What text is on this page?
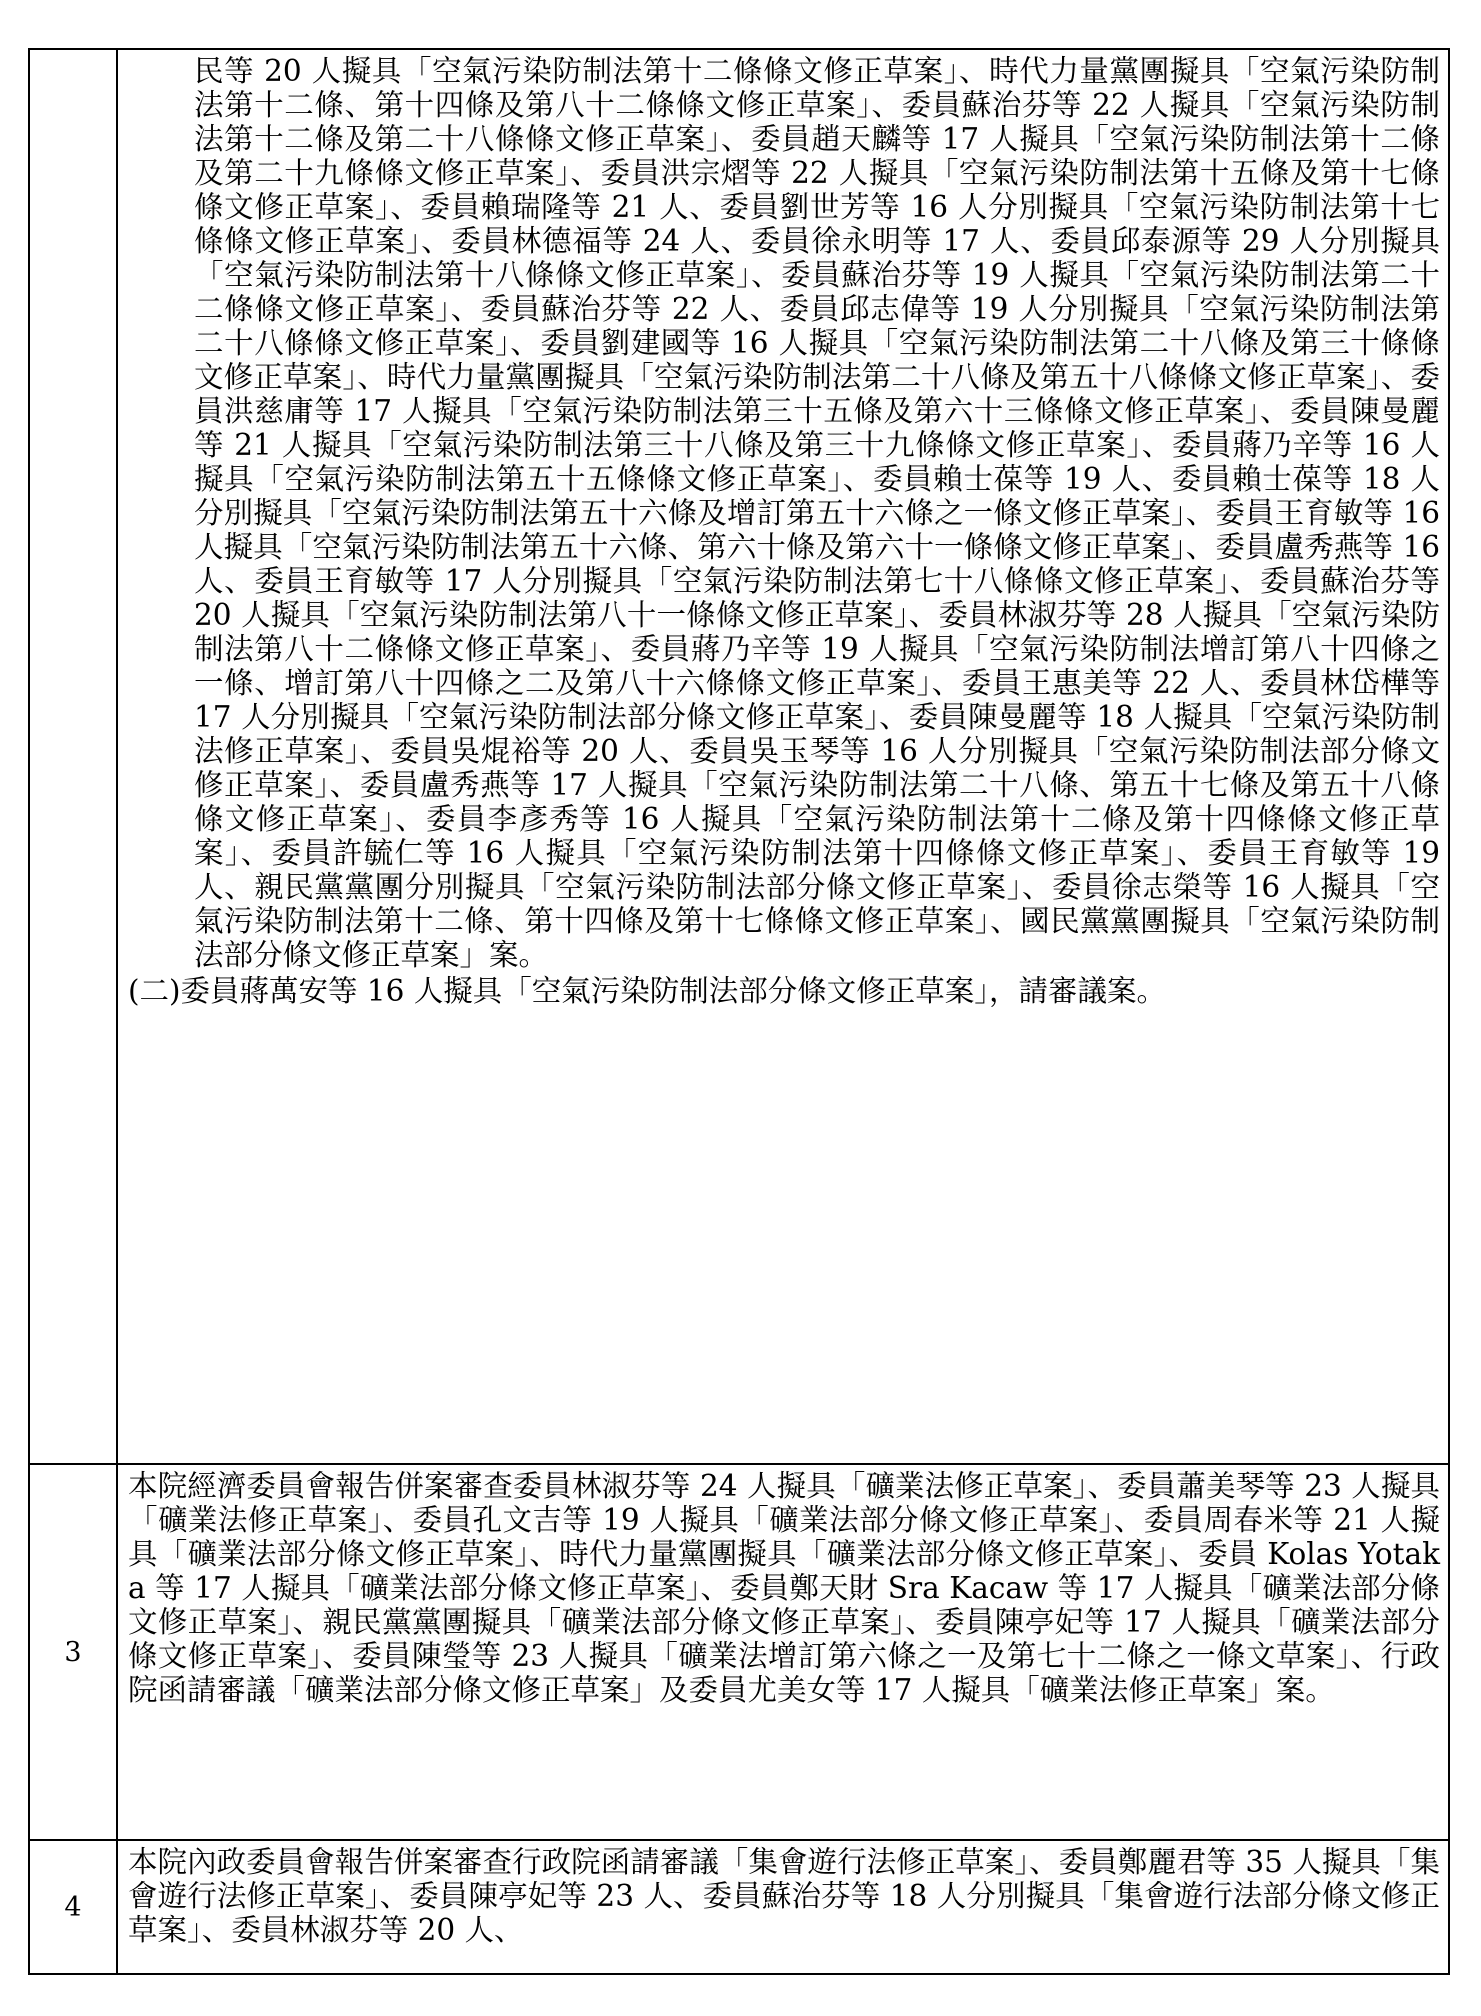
	民等 20 人擬具「空氣污染防制法第十二條條文修正草案」、時代力量黨團擬具「空氣污染防制法第十二條、第十四條及第八十二條條文修正草案」、委員蘇治芬等 22 人擬具「空氣污染防制法第十二條及第二十八條條文修正草案」、委員趙天麟等 17 人擬具「空氣污染防制法第十二條及第二十九條條文修正草案」、委員洪宗熠等 22 人擬具「空氣污染防制法第十五條及第十七條條文修正草案」、委員賴瑞隆等 21 人、委員劉世芳等 16 人分別擬具「空氣污染防制法第十七條條文修正草案」、委員林德福等 24 人、委員徐永明等 17 人、委員邱泰源等 29 人分別擬具「空氣污染防制法第十八條條文修正草案」、委員蘇治芬等 19 人擬具「空氣污染防制法第二十二條條文修正草案」、委員蘇治芬等 22 人、委員邱志偉等 19 人分別擬具「空氣污染防制法第二十八條條文修正草案」、委員劉建國等 16 人擬具「空氣污染防制法第二十八條及第三十條條文修正草案」、時代力量黨團擬具「空氣污染防制法第二十八條及第五十八條條文修正草案」、委員洪慈庸等 17 人擬具「空氣污染防制法第三十五條及第六十三條條文修正草案」、委員陳曼麗等 21 人擬具「空氣污染防制法第三十八條及第三十九條條文修正草案」、委員蔣乃辛等 16 人擬具「空氣污染防制法第五十五條條文修正草案」、委員賴士葆等 19 人、委員賴士葆等 18 人分別擬具「空氣污染防制法第五十六條及增訂第五十六條之一條文修正草案」、委員王育敏等 16 人擬具「空氣污染防制法第五十六條、第六十條及第六十一條條文修正草案」、委員盧秀燕等 16 人、委員王育敏等 17 人分別擬具「空氣污染防制法第七十八條條文修正草案」、委員蘇治芬等 20 人擬具「空氣污染防制法第八十一條條文修正草案」、委員林淑芬等 28 人擬具「空氣污染防制法第八十二條條文修正草案」、委員蔣乃辛等 19 人擬具「空氣污染防制法增訂第八十四條之一條、增訂第八十四條之二及第八十六條條文修正草案」、委員王惠美等 22 人、委員林岱樺等 17 人分別擬具「空氣污染防制法部分條文修正草案」、委員陳曼麗等 18 人擬具「空氣污染防制法修正草案」、委員吳焜裕等 20 人、委員吳玉琴等 16 人分別擬具「空氣污染防制法部分條文修正草案」、委員盧秀燕等 17 人擬具「空氣污染防制法第二十八條、第五十七條及第五十八條條文修正草案」、委員李彥秀等 16 人擬具「空氣污染防制法第十二條及第十四條條文修正草案」、委員許毓仁等 16 人擬具「空氣污染防制法第十四條條文修正草案」、委員王育敏等 19 人、親民黨黨團分別擬具「空氣污染防制法部分條文修正草案」、委員徐志榮等 16 人擬具「空氣污染防制法第十二條、第十四條及第十七條條文修正草案」、國民黨黨團擬具「空氣污染防制法部分條文修正草案」案。

(二)委員蔣萬安等 16 人擬具「空氣污染防制法部分條文修正草案」，請審議案。

3	本院經濟委員會報告併案審查委員林淑芬等 24 人擬具「礦業法修正草案」、委員蕭美琴等 23 人擬具「礦業法修正草案」、委員孔文吉等 19 人擬具「礦業法部分條文修正草案」、委員周春米等 21 人擬具「礦業法部分條文修正草案」、時代力量黨團擬具「礦業法部分條文修正草案」、委員 Kolas Yotaka 等 17 人擬具「礦業法部分條文修正草案」、委員鄭天財 Sra Kacaw 等 17 人擬具「礦業法部分條文修正草案」、親民黨黨團擬具「礦業法部分條文修正草案」、委員陳亭妃等 17 人擬具「礦業法部分條文修正草案」、委員陳瑩等 23 人擬具「礦業法增訂第六條之一及第七十二條之一條文草案」、行政院函請審議「礦業法部分條文修正草案」及委員尤美女等 17 人擬具「礦業法修正草案」案。

4	本院內政委員會報告併案審查行政院函請審議「集會遊行法修正草案」、委員鄭麗君等 35 人擬具「集會遊行法修正草案」、委員陳亭妃等 23 人、委員蘇治芬等 18 人分別擬具「集會遊行法部分條文修正草案」、委員林淑芬等 20 人、
